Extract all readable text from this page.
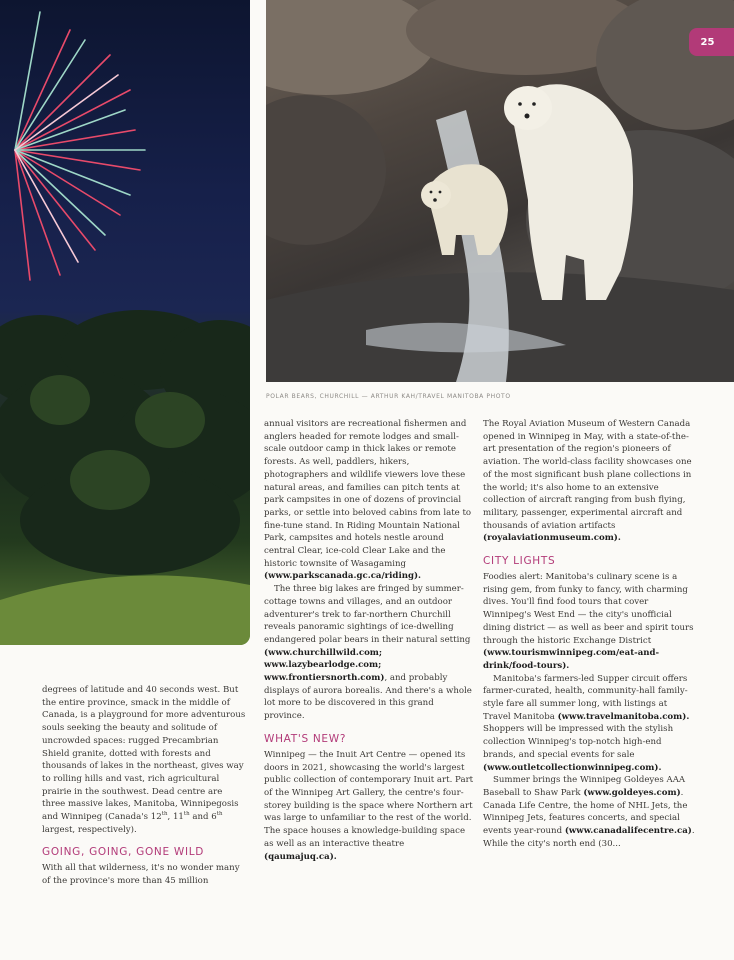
25
POLAR BEARS, CHURCHILL — ARTHUR KAH/TRAVEL MANITOBA PHOTO

degrees of latitude and 40 seconds west. But the entire province, smack in the middle of Canada, is a playground for more adventurous souls seeking the beauty and solitude of uncrowded spaces: rugged Precambrian Shield granite, dotted with forests and thousands of lakes in the northeast, gives way to rolling hills and vast, rich agricultural prairie in the southwest. Dead centre are three massive lakes, Manitoba, Winnipegosis and Winnipeg (Canada's 12th, 11th and 6th largest, respectively).

GOING, GOING, GONE WILD

With all that wilderness, it's no wonder many of the province's more than 45 million

annual visitors are recreational fishermen and anglers headed for remote lodges and small-scale outdoor camp in thick lakes or remote forests. As well, paddlers, hikers, photographers and wildlife viewers love these natural areas, and families can pitch tents at park campsites in one of dozens of provincial parks, or settle into beloved cabins from late to fine-tune stand. In Riding Mountain National Park, campsites and hotels nestle around central Clear, ice-cold Clear Lake and the historic townsite of Wasagaming (www.parkscanada.gc.ca/riding).

The three big lakes are fringed by summer-cottage towns and villages, and an outdoor adventurer's trek to far-northern Churchill reveals panoramic sightings of ice-dwelling endangered polar bears in their natural setting (www.churchillwild.com; www.lazybearlodge.com; www.frontiersnorth.com), and probably displays of aurora borealis. And there's a whole lot more to be discovered in this grand province.

WHAT'S NEW?

Winnipeg — the Inuit Art Centre — opened its doors in 2021, showcasing the world's largest public collection of contemporary Inuit art. Part of the Winnipeg Art Gallery, the centre's four-storey building is the space where Northern art was large to unfamiliar to the rest of the world. The space houses a knowledge-building space as well as an interactive theatre (qaumajuq.ca).

The Royal Aviation Museum of Western Canada opened in Winnipeg in May, with a state-of-the-art presentation of the region's pioneers of aviation. The world-class facility showcases one of the most significant bush plane collections in the world; it's also home to an extensive collection of aircraft ranging from bush flying, military, passenger, experimental aircraft and thousands of aviation artifacts (royalaviationmuseum.com).

CITY LIGHTS

Foodies alert: Manitoba's culinary scene is a rising gem, from funky to fancy, with charming dives. You'll find food tours that cover Winnipeg's West End — the city's unofficial dining district — as well as beer and spirit tours through the historic Exchange District (www.tourismwinnipeg.com/eat-and-drink/food-tours).

Manitoba's farmers-led Supper circuit offers farmer-curated, health, community-hall family-style fare all summer long, with listings at Travel Manitoba (www.travelmanitoba.com). Shoppers will be impressed with the stylish collection Winnipeg's top-notch high-end brands, and special events for sale (www.outletcollectionwinnipeg.com).

Summer brings the Winnipeg Goldeyes AAA Baseball to Shaw Park (www.goldeyes.com). Canada Life Centre, the home of NHL Jets, the Winnipeg Jets, features concerts, and special events year-round (www.canadalifecentre.ca). While the city's north end (30...
